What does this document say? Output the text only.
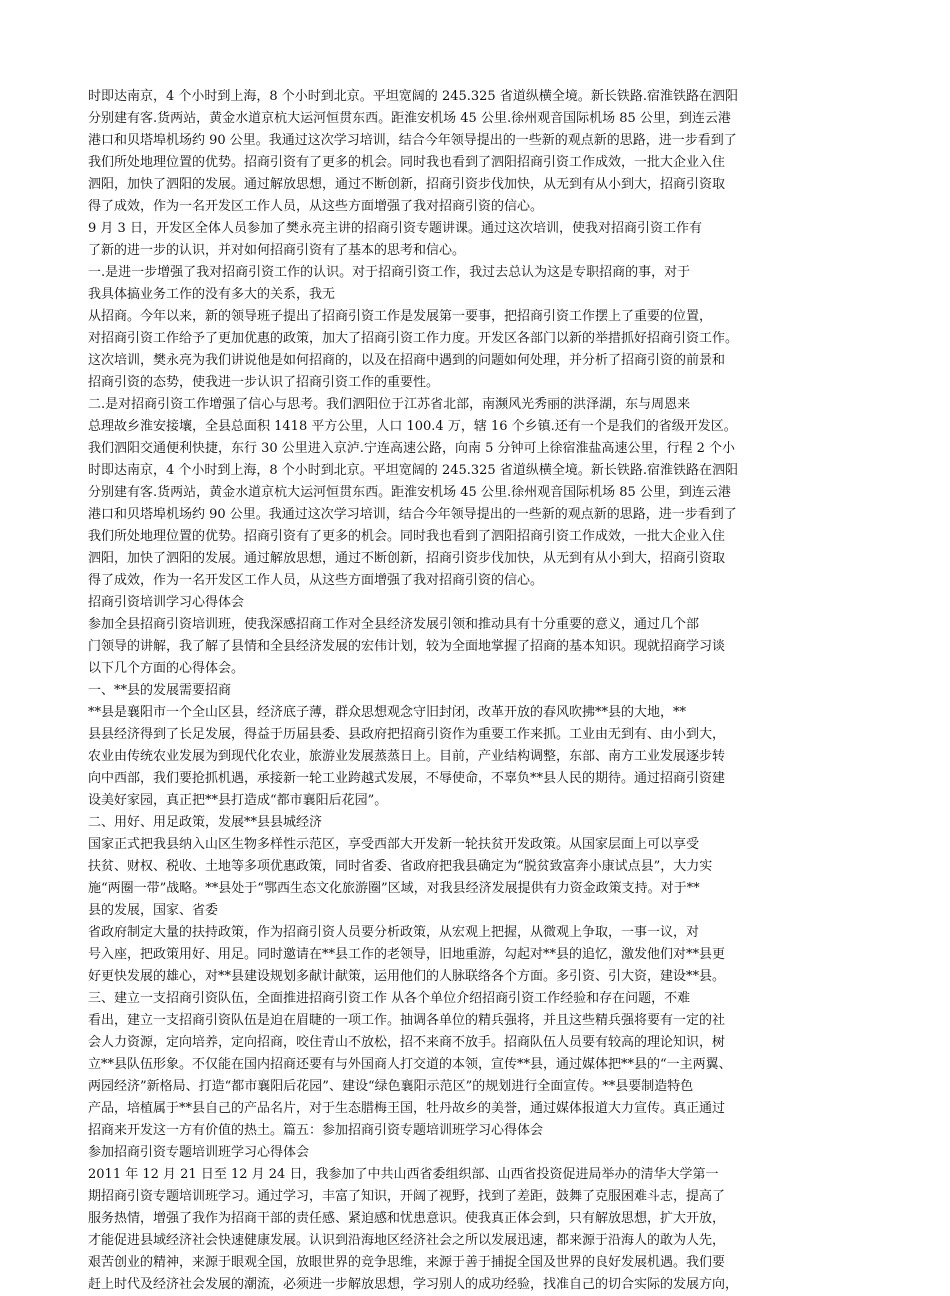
时即达南京，4 个小时到上海，8 个小时到北京。平坦宽阔的 245.325 省道纵横全境。新长铁路.宿淮铁路在泗阳
分别建有客.货两站，黄金水道京杭大运河恒贯东西。距淮安机场 45 公里.徐州观音国际机场 85 公里，到连云港
港口和贝塔埠机场约 90 公里。我通过这次学习培训，结合今年领导提出的一些新的观点新的思路，进一步看到了
我们所处地理位置的优势。招商引资有了更多的机会。同时我也看到了泗阳招商引资工作成效，一批大企业入住
泗阳，加快了泗阳的发展。通过解放思想，通过不断创新，招商引资步伐加快，从无到有从小到大，招商引资取
得了成效，作为一名开发区工作人员，从这些方面增强了我对招商引资的信心。
9 月 3 日，开发区全体人员参加了樊永亮主讲的招商引资专题讲课。通过这次培训，使我对招商引资工作有
了新的进一步的认识，并对如何招商引资有了基本的思考和信心。
一.是进一步增强了我对招商引资工作的认识。对于招商引资工作，我过去总认为这是专职招商的事，对于
我具体搞业务工作的没有多大的关系，我无
从招商。今年以来，新的领导班子提出了招商引资工作是发展第一要事，把招商引资工作摆上了重要的位置，
对招商引资工作给予了更加优惠的政策，加大了招商引资工作力度。开发区各部门以新的举措抓好招商引资工作。
这次培训，樊永亮为我们讲说他是如何招商的，以及在招商中遇到的问题如何处理，并分析了招商引资的前景和
招商引资的态势，使我进一步认识了招商引资工作的重要性。
二.是对招商引资工作增强了信心与思考。我们泗阳位于江苏省北部，南濒风光秀丽的洪泽湖，东与周恩来
总理故乡淮安接壤，全县总面积 1418 平方公里，人口 100.4 万，辖 16 个乡镇.还有一个是我们的省级开发区。
我们泗阳交通便利快捷，东行 30 公里进入京泸.宁连高速公路，向南 5 分钟可上徐宿淮盐高速公里，行程 2 个小
时即达南京，4 个小时到上海，8 个小时到北京。平坦宽阔的 245.325 省道纵横全境。新长铁路.宿淮铁路在泗阳
分别建有客.货两站，黄金水道京杭大运河恒贯东西。距淮安机场 45 公里.徐州观音国际机场 85 公里，到连云港
港口和贝塔埠机场约 90 公里。我通过这次学习培训，结合今年领导提出的一些新的观点新的思路，进一步看到了
我们所处地理位置的优势。招商引资有了更多的机会。同时我也看到了泗阳招商引资工作成效，一批大企业入住
泗阳，加快了泗阳的发展。通过解放思想，通过不断创新，招商引资步伐加快，从无到有从小到大，招商引资取
得了成效，作为一名开发区工作人员，从这些方面增强了我对招商引资的信心。
招商引资培训学习心得体会
参加全县招商引资培训班，使我深感招商工作对全县经济发展引领和推动具有十分重要的意义，通过几个部
门领导的讲解，我了解了县情和全县经济发展的宏伟计划，较为全面地掌握了招商的基本知识。现就招商学习谈
以下几个方面的心得体会。
一、**县的发展需要招商
**县是襄阳市一个全山区县，经济底子薄，群众思想观念守旧封闭，改革开放的春风吹拂**县的大地，**
县县经济得到了长足发展，得益于历届县委、县政府把招商引资作为重要工作来抓。工业由无到有、由小到大，
农业由传统农业发展为到现代化农业，旅游业发展蒸蒸日上。目前，产业结构调整，东部、南方工业发展逐步转
向中西部，我们要抢抓机遇，承接新一轮工业跨越式发展，不辱使命，不辜负**县人民的期待。通过招商引资建
设美好家园，真正把**县打造成“都市襄阳后花园”。
二、用好、用足政策，发展**县县城经济
国家正式把我县纳入山区生物多样性示范区，享受西部大开发新一轮扶贫开发政策。从国家层面上可以享受
扶贫、财权、税收、土地等多项优惠政策，同时省委、省政府把我县确定为“脱贫致富奔小康试点县”，大力实
施“两圈一带”战略。**县处于“鄂西生态文化旅游圈”区域，对我县经济发展提供有力资金政策支持。对于**
县的发展，国家、省委
省政府制定大量的扶持政策，作为招商引资人员要分析政策，从宏观上把握，从微观上争取，一事一议，对
号入座，把政策用好、用足。同时邀请在**县工作的老领导，旧地重游，勾起对**县的追忆，激发他们对**县更
好更快发展的雄心，对**县建设规划多献计献策，运用他们的人脉联络各个方面。多引资、引大资，建设**县。
三、建立一支招商引资队伍，全面推进招商引资工作 从各个单位介绍招商引资工作经验和存在问题，不难
看出，建立一支招商引资队伍是迫在眉睫的一项工作。抽调各单位的精兵强将，并且这些精兵强将要有一定的社
会人力资源，定向培养，定向招商，咬住青山不放松，招不来商不放手。招商队伍人员要有较高的理论知识，树
立**县队伍形象。不仅能在国内招商还要有与外国商人打交道的本领，宣传**县，通过媒体把**县的“一主两翼、
两园经济”新格局、打造“都市襄阳后花园”、建设“绿色襄阳示范区”的规划进行全面宣传。**县要制造特色
产品，培植属于**县自己的产品名片，对于生态腊梅王国，牡丹故乡的美誉，通过媒体报道大力宣传。真正通过
招商来开发这一方有价值的热土。篇五：参加招商引资专题培训班学习心得体会
参加招商引资专题培训班学习心得体会
2011 年 12 月 21 日至 12 月 24 日，我参加了中共山西省委组织部、山西省投资促进局举办的清华大学第一
期招商引资专题培训班学习。通过学习，丰富了知识，开阔了视野，找到了差距，鼓舞了克服困难斗志，提高了
服务热情，增强了我作为招商干部的责任感、紧迫感和忧患意识。使我真正体会到，只有解放思想，扩大开放，
才能促进县域经济社会快速健康发展。认识到沿海地区经济社会之所以发展迅速，都来源于沿海人的敢为人先，
艰苦创业的精神，来源于眼观全国，放眼世界的竞争思维，来源于善于捕捉全国及世界的良好发展机遇。我们要
赶上时代及经济社会发展的潮流，必须进一步解放思想，学习别人的成功经验，找准自己的切合实际的发展方向，
